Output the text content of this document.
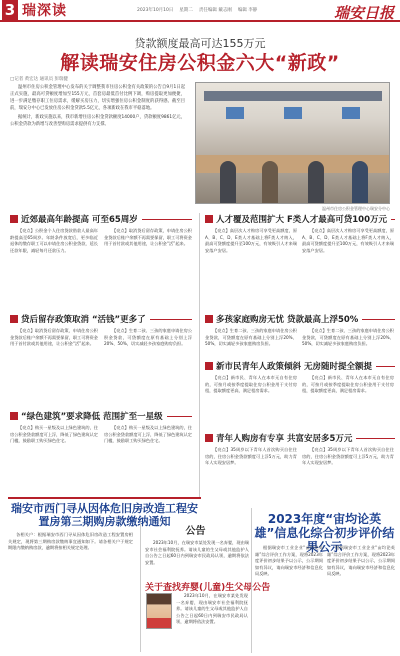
3 瑞深读	2023年10月10日 星期二 责任编辑 戴志刚 编辑 李静	瑞安日报
贷款额度最高可达155万元
解读瑞安住房公积金六大“新政”
□记者 黄宏达 通讯员 彭瑞健

温州市住房公积金管理中心发布的关于调整我市住房公积金有关政策的公告自9月1日起正式实施，最高可贷额度增加至155万元，首套房最低首付比例下调，购房提取更加便捷，进一步满足缴存职工住房需求，缓解买房压力，切实增强住房公积金制度的获得感。截至目前，瑞安分中心已发放住房公积金贷款5.5亿元，各项新政在我市平稳落地。

据统计，新政实施以来，我市新增住房公积金贷款额度14000户，贷款额度9861亿元，公积金贷款为新增与改善型购房需求提供有力支撑。

温州市住房公积金管理中心瑞安分中心
近郊最高年龄提高 可至65周岁

【亮点】公积金个人住房贷款借款人最高年龄提高至65周岁。年龄条件放宽后，更多临近退休的缴存职工可以申请住房公积金贷款，延长还款年限，减轻每月还款压力。

【亮点】取消贷后留存政策，申请住房公积金贷款后账户余额不再需要保留，职工可将资金用于首付款或其他用途，让公积金“活”起来。

人才覆及范围扩大 F类人才最高可贷100万元

【亮点】高层次人才购房可享受更高额度，原A、B、C、D、E类人才基础上将F类人才纳入，最高可贷额度提升至100万元，有效吸引人才来瑞安落户安居。

【亮点】高层次人才购房可享受更高额度，原A、B、C、D、E类人才基础上将F类人才纳入，最高可贷额度提升至100万元，有效吸引人才来瑞安落户安居。

贷后留存政策取消 “活钱”更多了

【亮点】取消贷后留存政策，申请住房公积金贷款后账户余额不再需要保留，职工可将资金用于首付款或其他用途，让公积金“活”起来。

【亮点】生育二孩、三孩的家庭申请住房公积金贷款，可贷额度在原有基础上分别上浮20%、50%，切实减轻多孩家庭购房负担。

多孩家庭购房无忧 贷款最高上浮50%

【亮点】生育二孩、三孩的家庭申请住房公积金贷款，可贷额度在原有基础上分别上浮20%、50%，切实减轻多孩家庭购房负担。

【亮点】生育二孩、三孩的家庭申请住房公积金贷款，可贷额度在原有基础上分别上浮20%、50%，切实减轻多孩家庭购房负担。

“绿色建筑”要求降低 范围扩至一星级

【亮点】购买一星级及以上绿色建筑的，住房公积金贷款额度可上浮，降低了绿色建筑认定门槛，鼓励职工购买绿色住宅。

【亮点】购买一星级及以上绿色建筑的，住房公积金贷款额度可上浮，降低了绿色建筑认定门槛，鼓励职工购买绿色住宅。

新市民青年人政策倾斜 无房随时提全额提

【亮点】新市民、青年人在本市无自有住房的，可按月或按季度提取住房公积金用于支付房租，提取额度更高，满足租房需求。

【亮点】新市民、青年人在本市无自有住房的，可按月或按季度提取住房公积金用于支付房租，提取额度更高，满足租房需求。

青年人购房有专享 共富安居多5万元

【亮点】35周岁以下青年人首次购买自住住房的，住房公积金贷款额度可上浮5万元，助力青年人实现安居梦。

【亮点】35周岁以下青年人首次购买自住住房的，住房公积金贷款额度可上浮5万元，助力青年人实现安居梦。

瑞安市西门寻从因体危旧房改造工程安置房第三期购房款缴纳通知

各相关户：根据瑞安市西门寻从因体危旧房改造工程安置房相关规定，现将第三期购房款缴纳事宜通知如下。请各相关户于规定期限内缴纳购房款，逾期将按相关规定处理。

公告

2023年10月，在瑞安市某处发现一名弃婴，现由瑞安市社会福利院抚养。请该儿童的生父母或其他监护人自公告之日起60日内到瑞安市民政局认领，逾期将依法安置。

关于查找弃婴(儿童)生父母公告

2023年10月，在瑞安市某处发现一名弃婴，现由瑞安市社会福利院抚养。请该儿童的生父母或其他监护人自公告之日起60日内到瑞安市民政局认领，逾期将依法安置。

2023年度“宙均论英雄”信息化综合初步评价结果公示

根据瑞安市工业企业“亩均论英雄”综合评价工作方案，现将2023年度评价初步结果予以公示，公示期间如有异议，请向瑞安市经济和信息化局反映。

根据瑞安市工业企业“亩均论英雄”综合评价工作方案，现将2023年度评价初步结果予以公示，公示期间如有异议，请向瑞安市经济和信息化局反映。
